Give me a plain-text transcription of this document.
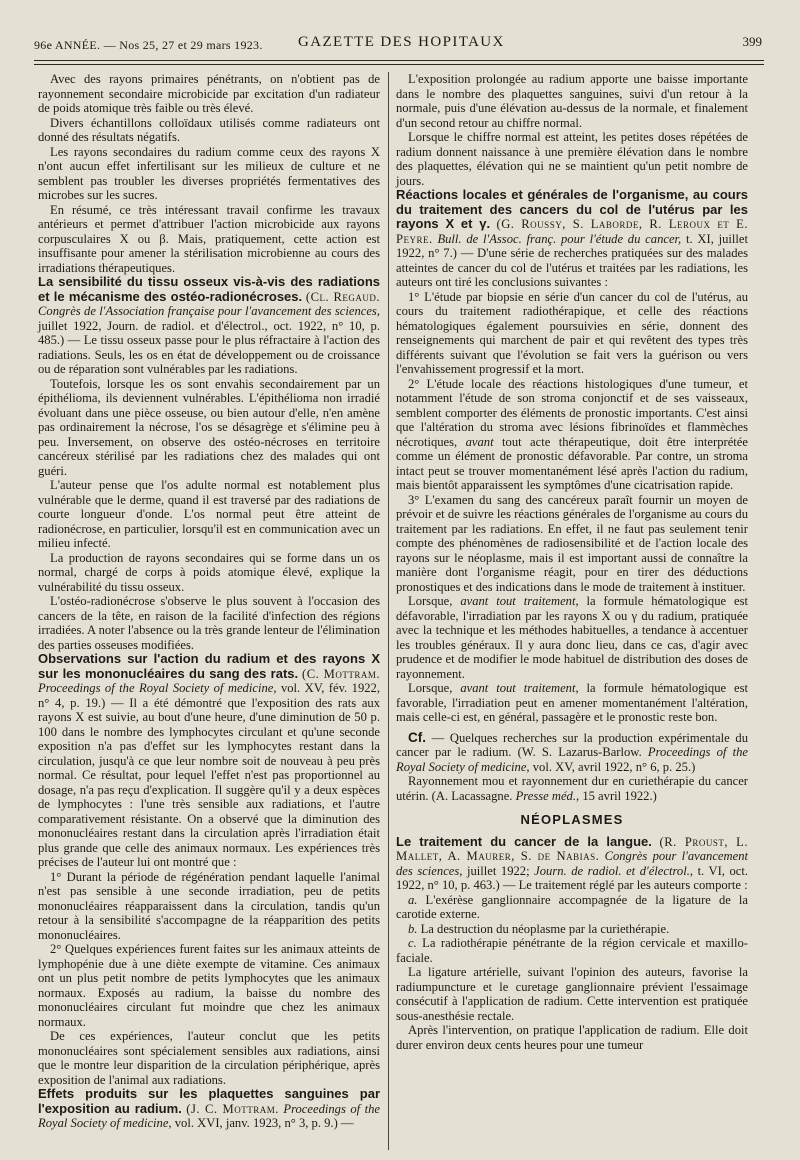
96e ANNÉE. — Nos 25, 27 et 29 mars 1923. GAZETTE DES HOPITAUX	399

Avec des rayons primaires pénétrants, on n'obtient pas de rayonnement secondaire microbicide par excitation d'un radiateur de poids atomique très faible ou très élevé.

Divers échantillons colloïdaux utilisés comme radiateurs ont donné des résultats négatifs.

Les rayons secondaires du radium comme ceux des rayons X n'ont aucun effet infertilisant sur les milieux de culture et ne semblent pas troubler les diverses propriétés fermentatives des microbes sur les sucres.

En résumé, ce très intéressant travail confirme les travaux antérieurs et permet d'attribuer l'action microbicide aux rayons corpusculaires X ou β. Mais, pratiquement, cette action est insuffisante pour amener la stérilisation microbienne au cours des irradiations thérapeutiques.

La sensibilité du tissu osseux vis-à-vis des radiations et le mécanisme des ostéo-radionécroses. (Cl. Regaud. Congrès de l'Association française pour l'avancement des sciences, juillet 1922, Journ. de radiol. et d'électrol., oct. 1922, n° 10, p. 485.) — Le tissu osseux passe pour le plus réfractaire à l'action des radiations. Seuls, les os en état de développement ou de croissance ou de réparation sont vulnérables par les radiations.

Toutefois, lorsque les os sont envahis secondairement par un épithélioma, ils deviennent vulnérables. L'épithélioma non irradié évoluant dans une pièce osseuse, ou bien autour d'elle, n'en amène pas ordinairement la nécrose, l'os se désagrège et s'élimine peu à peu. Inversement, on observe des ostéo-nécroses en territoire cancéreux stérilisé par les radiations chez des malades qui ont guéri.

L'auteur pense que l'os adulte normal est notablement plus vulnérable que le derme, quand il est traversé par des radiations de courte longueur d'onde. L'os normal peut être atteint de radionécrose, en particulier, lorsqu'il est en communication avec un milieu infecté.

La production de rayons secondaires qui se forme dans un os normal, chargé de corps à poids atomique élevé, explique la vulnérabilité du tissu osseux.

L'ostéo-radionécrose s'observe le plus souvent à l'occasion des cancers de la tête, en raison de la facilité d'infection des régions irradiées. A noter l'absence ou la très grande lenteur de l'élimination des parties osseuses modifiées.

Observations sur l'action du radium et des rayons X sur les mononucléaires du sang des rats. (C. Mottram. Proceedings of the Royal Society of medicine, vol. XV, fév. 1922, n° 4, p. 19.) — Il a été démontré que l'exposition des rats aux rayons X est suivie, au bout d'une heure, d'une diminution de 50 p. 100 dans le nombre des lymphocytes circulant et qu'une seconde exposition n'a pas d'effet sur les lymphocytes restant dans la circulation, jusqu'à ce que leur nombre soit de nouveau à peu près normal. Ce résultat, pour lequel l'effet n'est pas proportionnel au dosage, n'a pas reçu d'explication. Il suggère qu'il y a deux espèces de lymphocytes : l'une très sensible aux radiations, et l'autre comparativement résistante. On a observé que la diminution des mononucléaires restant dans la circulation après l'irradiation était plus grande que celle des animaux normaux. Les expériences très précises de l'auteur lui ont montré que :

1° Durant la période de régénération pendant laquelle l'animal n'est pas sensible à une seconde irradiation, peu de petits mononucléaires réapparaissent dans la circulation, tandis qu'un retour à la sensibilité s'accompagne de la réapparition des petits mononucléaires.

2° Quelques expériences furent faites sur les animaux atteints de lymphopénie due à une diète exempte de vitamine. Ces animaux ont un plus petit nombre de petits lymphocytes que les animaux normaux. Exposés au radium, la baisse du nombre des mononucléaires circulant fut moindre que chez les animaux normaux.

De ces expériences, l'auteur conclut que les petits mononucléaires sont spécialement sensibles aux radiations, ainsi que le montre leur disparition de la circulation périphérique, après exposition de l'animal aux radiations.

Effets produits sur les plaquettes sanguines par l'exposition au radium. (J. C. Mottram. Proceedings of the Royal Society of medicine, vol. XVI, janv. 1923, n° 3, p. 9.) —

L'exposition prolongée au radium apporte une baisse importante dans le nombre des plaquettes sanguines, suivi d'un retour à la normale, puis d'une élévation au-dessus de la normale, et finalement d'un second retour au chiffre normal.

Lorsque le chiffre normal est atteint, les petites doses répétées de radium donnent naissance à une première élévation dans le nombre des plaquettes, élévation qui ne se maintient qu'un petit nombre de jours.

Réactions locales et générales de l'organisme, au cours du traitement des cancers du col de l'utérus par les rayons X et γ. (G. Roussy, S. Laborde, R. Leroux et E. Peyre. Bull. de l'Assoc. franç. pour l'étude du cancer, t. XI, juillet 1922, n° 7.) — D'une série de recherches pratiquées sur des malades atteintes de cancer du col de l'utérus et traitées par les radiations, les auteurs ont tiré les conclusions suivantes :

1° L'étude par biopsie en série d'un cancer du col de l'utérus, au cours du traitement radiothérapique, et celle des réactions hématologiques également poursuivies en série, donnent des renseignements qui marchent de pair et qui revêtent des types très différents suivant que l'évolution se fait vers la guérison ou vers l'envahissement progressif et la mort.

2° L'étude locale des réactions histologiques d'une tumeur, et notamment l'étude de son stroma conjonctif et de ses vaisseaux, semblent comporter des éléments de pronostic importants. C'est ainsi que l'altération du stroma avec lésions fibrinoïdes et flammèches nécrotiques, avant tout acte thérapeutique, doit être interprétée comme un élément de pronostic défavorable. Par contre, un stroma intact peut se trouver momentanément lésé après l'action du radium, mais bientôt apparaissent les symptômes d'une cicatrisation rapide.

3° L'examen du sang des cancéreux paraît fournir un moyen de prévoir et de suivre les réactions générales de l'organisme au cours du traitement par les radiations. En effet, il ne faut pas seulement tenir compte des phénomènes de radiosensibilité et de l'action locale des rayons sur le néoplasme, mais il est important aussi de connaître la manière dont l'organisme réagit, pour en tirer des déductions pronostiques et des indications dans le mode de traitement à instituer.

Lorsque, avant tout traitement, la formule hématologique est défavorable, l'irradiation par les rayons X ou γ du radium, pratiquée avec la technique et les méthodes habituelles, a tendance à accentuer les troubles généraux. Il y aura donc lieu, dans ce cas, d'agir avec prudence et de modifier le mode habituel de distribution des doses de rayonnement.

Lorsque, avant tout traitement, la formule hématologique est favorable, l'irradiation peut en amener momentanément l'altération, mais celle-ci est, en général, passagère et le pronostic reste bon.

Cf. — Quelques recherches sur la production expérimentale du cancer par le radium. (W. S. Lazarus-Barlow. Proceedings of the Royal Society of medicine, vol. XV, avril 1922, n° 6, p. 25.)

Rayonnement mou et rayonnement dur en curiethérapie du cancer utérin. (A. Lacassagne. Presse méd., 15 avril 1922.)

NÉOPLASMES

Le traitement du cancer de la langue. (R. Proust, L. Mallet, A. Maurer, S. de Nabias. Congrès pour l'avancement des sciences, juillet 1922; Journ. de radiol. et d'électrol., t. VI, oct. 1922, n° 10, p. 463.) — Le traitement réglé par les auteurs comporte :

a. L'exérèse ganglionnaire accompagnée de la ligature de la carotide externe.

b. La destruction du néoplasme par la curiethérapie.

c. La radiothérapie pénétrante de la région cervicale et maxillo-faciale.

La ligature artérielle, suivant l'opinion des auteurs, favorise la radiumpuncture et le curetage ganglionnaire prévient l'essaimage consécutif à l'application de radium. Cette intervention est pratiquée sous-anesthésie rectale.

Après l'intervention, on pratique l'application de radium. Elle doit durer environ deux cents heures pour une tumeur
